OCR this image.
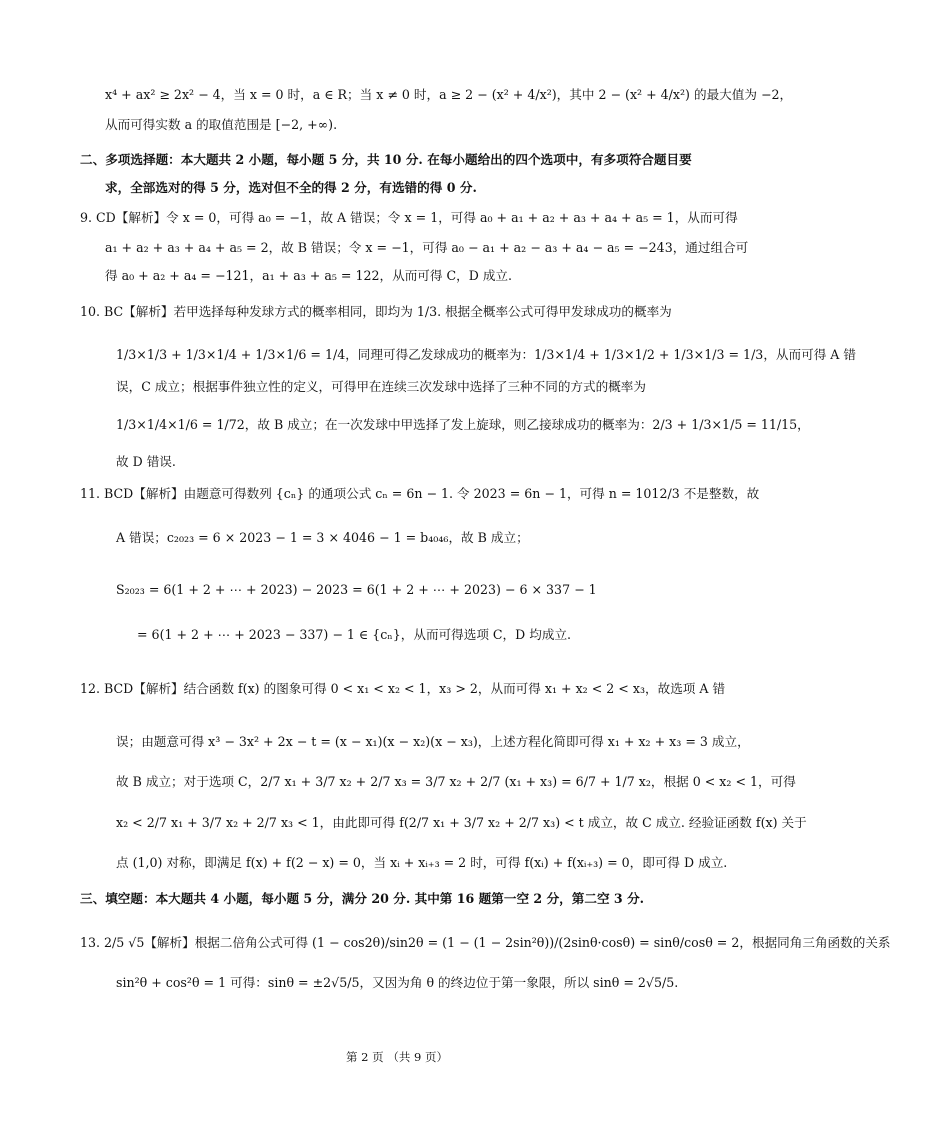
x⁴ + ax² ≥ 2x² − 4，当 x = 0 时，a ∈ R；当 x ≠ 0 时，a ≥ 2 − (x² + 4/x²)，其中 2 − (x² + 4/x²) 的最大值为 −2，
从而可得实数 a 的取值范围是 [−2, +∞).
二、多项选择题：本大题共 2 小题，每小题 5 分，共 10 分. 在每小题给出的四个选项中，有多项符合题目要
求，全部选对的得 5 分，选对但不全的得 2 分，有选错的得 0 分.
9. CD【解析】令 x = 0，可得 a₀ = −1，故 A 错误；令 x = 1，可得 a₀ + a₁ + a₂ + a₃ + a₄ + a₅ = 1，从而可得
a₁ + a₂ + a₃ + a₄ + a₅ = 2，故 B 错误；令 x = −1，可得 a₀ − a₁ + a₂ − a₃ + a₄ − a₅ = −243，通过组合可
得 a₀ + a₂ + a₄ = −121，a₁ + a₃ + a₅ = 122，从而可得 C，D 成立.
10. BC【解析】若甲选择每种发球方式的概率相同，即均为 1/3. 根据全概率公式可得甲发球成功的概率为
1/3×1/3 + 1/3×1/4 + 1/3×1/6 = 1/4，同理可得乙发球成功的概率为：1/3×1/4 + 1/3×1/2 + 1/3×1/3 = 1/3，从而可得 A 错
误，C 成立；根据事件独立性的定义，可得甲在连续三次发球中选择了三种不同的方式的概率为
1/3×1/4×1/6 = 1/72，故 B 成立；在一次发球中甲选择了发上旋球，则乙接球成功的概率为：2/3 + 1/3×1/5 = 11/15，
故 D 错误.
11. BCD【解析】由题意可得数列 {cₙ} 的通项公式 cₙ = 6n − 1. 令 2023 = 6n − 1，可得 n = 1012/3 不是整数，故
A 错误；c₂₀₂₃ = 6 × 2023 − 1 = 3 × 4046 − 1 = b₄₀₄₆，故 B 成立；
S₂₀₂₃ = 6(1 + 2 + ⋯ + 2023) − 2023 = 6(1 + 2 + ⋯ + 2023) − 6 × 337 − 1
= 6(1 + 2 + ⋯ + 2023 − 337) − 1 ∈ {cₙ}，从而可得选项 C，D 均成立.
12. BCD【解析】结合函数 f(x) 的图象可得 0 < x₁ < x₂ < 1，x₃ > 2，从而可得 x₁ + x₂ < 2 < x₃，故选项 A 错
误；由题意可得 x³ − 3x² + 2x − t = (x − x₁)(x − x₂)(x − x₃)，上述方程化简即可得 x₁ + x₂ + x₃ = 3 成立，
故 B 成立；对于选项 C，2/7 x₁ + 3/7 x₂ + 2/7 x₃ = 3/7 x₂ + 2/7 (x₁ + x₃) = 6/7 + 1/7 x₂，根据 0 < x₂ < 1，可得
x₂ < 2/7 x₁ + 3/7 x₂ + 2/7 x₃ < 1，由此即可得 f(2/7 x₁ + 3/7 x₂ + 2/7 x₃) < t 成立，故 C 成立. 经验证函数 f(x) 关于
点 (1,0) 对称，即满足 f(x) + f(2 − x) = 0，当 xᵢ + xᵢ₊₃ = 2 时，可得 f(xᵢ) + f(xᵢ₊₃) = 0，即可得 D 成立.
三、填空题：本大题共 4 小题，每小题 5 分，满分 20 分. 其中第 16 题第一空 2 分，第二空 3 分.
13. 2/5 √5【解析】根据二倍角公式可得 (1 − cos2θ)/sin2θ = (1 − (1 − 2sin²θ))/(2sinθ·cosθ) = sinθ/cosθ = 2，根据同角三角函数的关系
sin²θ + cos²θ = 1 可得：sinθ = ±2√5/5，又因为角 θ 的终边位于第一象限，所以 sinθ = 2√5/5.
第 2 页 （共 9 页）
